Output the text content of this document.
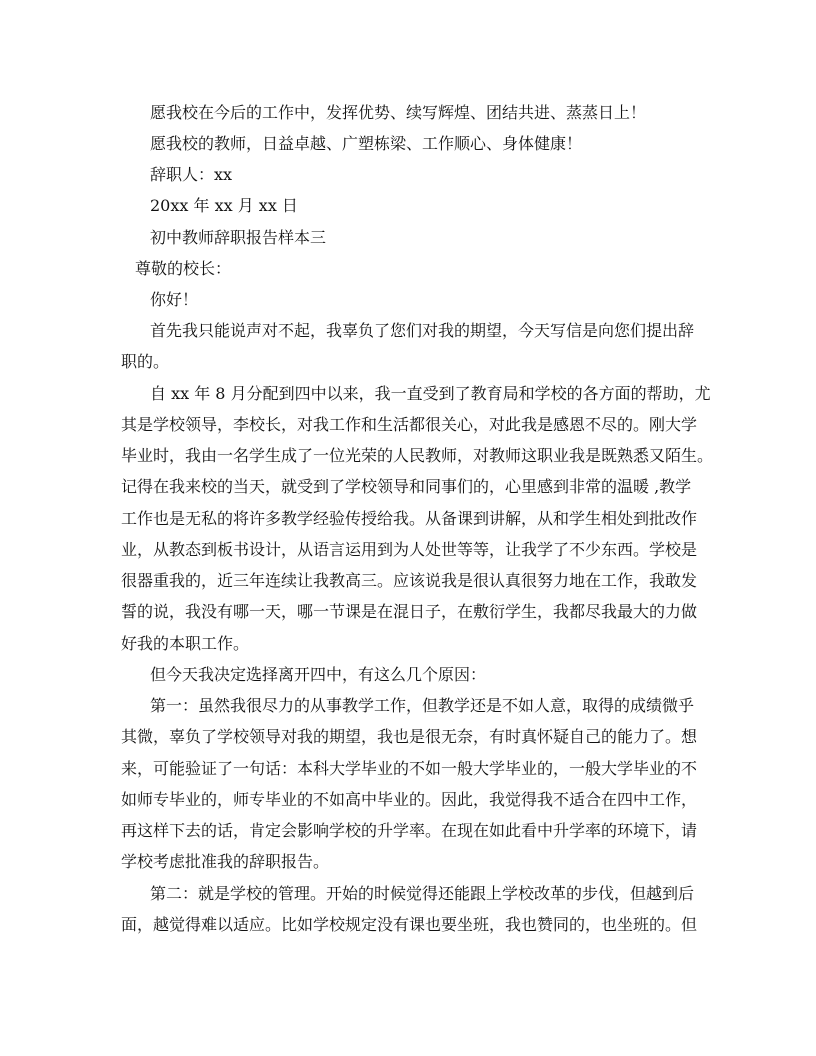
愿我校在今后的工作中，发挥优势、续写辉煌、团结共进、蒸蒸日上！
愿我校的教师，日益卓越、广塑栋梁、工作顺心、身体健康！
辞职人：xx
20xx 年 xx 月 xx 日
初中教师辞职报告样本三
尊敬的校长：
你好！
首先我只能说声对不起，我辜负了您们对我的期望，今天写信是向您们提出辞
职的。
自 xx 年 8 月分配到四中以来，我一直受到了教育局和学校的各方面的帮助，尤
其是学校领导，李校长，对我工作和生活都很关心，对此我是感恩不尽的。刚大学
毕业时，我由一名学生成了一位光荣的人民教师，对教师这职业我是既熟悉又陌生。
记得在我来校的当天，就受到了学校领导和同事们的，心里感到非常的温暖 ,教学
工作也是无私的将许多教学经验传授给我。从备课到讲解，从和学生相处到批改作
业，从教态到板书设计，从语言运用到为人处世等等，让我学了不少东西。学校是
很器重我的，近三年连续让我教高三。应该说我是很认真很努力地在工作，我敢发
誓的说，我没有哪一天，哪一节课是在混日子，在敷衍学生，我都尽我最大的力做
好我的本职工作。
但今天我决定选择离开四中，有这么几个原因：
第一：虽然我很尽力的从事教学工作，但教学还是不如人意，取得的成绩微乎
其微，辜负了学校领导对我的期望，我也是很无奈，有时真怀疑自己的能力了。想
来，可能验证了一句话：本科大学毕业的不如一般大学毕业的，一般大学毕业的不
如师专毕业的，师专毕业的不如高中毕业的。因此，我觉得我不适合在四中工作，
再这样下去的话，肯定会影响学校的升学率。在现在如此看中升学率的环境下，请
学校考虑批准我的辞职报告。
第二：就是学校的管理。开始的时候觉得还能跟上学校改革的步伐，但越到后
面，越觉得难以适应。比如学校规定没有课也要坐班，我也赞同的，也坐班的。但
